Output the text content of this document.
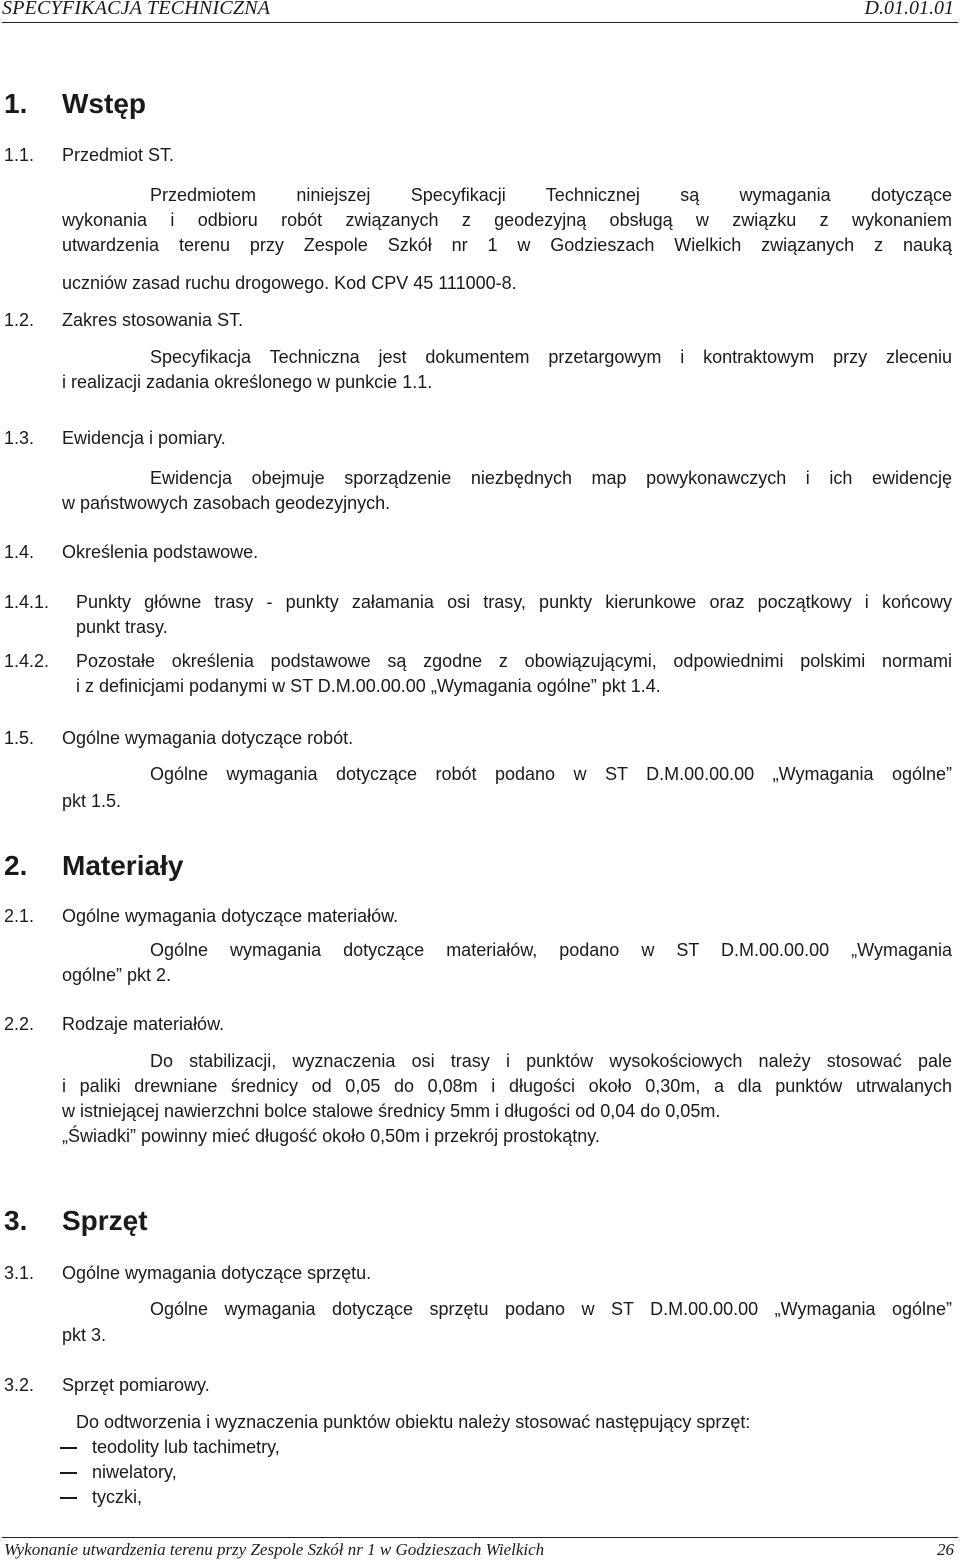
SPECYFIKACJA TECHNICZNA	D.01.01.01
1. Wstęp
1.1. Przedmiot ST.
Przedmiotem niniejszej Specyfikacji Technicznej są wymagania dotyczące
wykonania i odbioru robót związanych z geodezyjną obsługą w związku z wykonaniem
utwardzenia terenu przy Zespole Szkół nr 1 w Godzieszach Wielkich związanych z nauką
uczniów zasad ruchu drogowego. Kod CPV 45 111000-8.
1.2. Zakres stosowania ST.
Specyfikacja Techniczna jest dokumentem przetargowym i kontraktowym przy zleceniu
i realizacji zadania określonego w punkcie 1.1.
1.3. Ewidencja i pomiary.
Ewidencja obejmuje sporządzenie niezbędnych map powykonawczych i ich ewidencję
w państwowych zasobach geodezyjnych.
1.4. Określenia podstawowe.
1.4.1. Punkty główne trasy - punkty załamania osi trasy, punkty kierunkowe oraz początkowy i końcowy
punkt trasy.
1.4.2. Pozostałe określenia podstawowe są zgodne z obowiązującymi, odpowiednimi polskimi normami
i z definicjami podanymi w ST D.M.00.00.00 „Wymagania ogólne” pkt 1.4.
1.5. Ogólne wymagania dotyczące robót.
Ogólne wymagania dotyczące robót podano w ST D.M.00.00.00 „Wymagania ogólne”
pkt 1.5.
2. Materiały
2.1. Ogólne wymagania dotyczące materiałów.
Ogólne wymagania dotyczące materiałów, podano w ST D.M.00.00.00 „Wymagania
ogólne” pkt 2.
2.2. Rodzaje materiałów.
Do stabilizacji, wyznaczenia osi trasy i punktów wysokościowych należy stosować pale
i paliki drewniane średnicy od 0,05 do 0,08m i długości około 0,30m, a dla punktów utrwalanych
w istniejącej nawierzchni bolce stalowe średnicy 5mm i długości od 0,04 do 0,05m.
„Świadki” powinny mieć długość około 0,50m i przekrój prostokątny.
3. Sprzęt
3.1. Ogólne wymagania dotyczące sprzętu.
Ogólne wymagania dotyczące sprzętu podano w ST D.M.00.00.00 „Wymagania ogólne”
pkt 3.
3.2. Sprzęt pomiarowy.
Do odtworzenia i wyznaczenia punktów obiektu należy stosować następujący sprzęt:
teodolity lub tachimetry,
niwelatory,
tyczki,
Wykonanie utwardzenia terenu przy Zespole Szkół nr 1 w Godzieszach Wielkich	26
